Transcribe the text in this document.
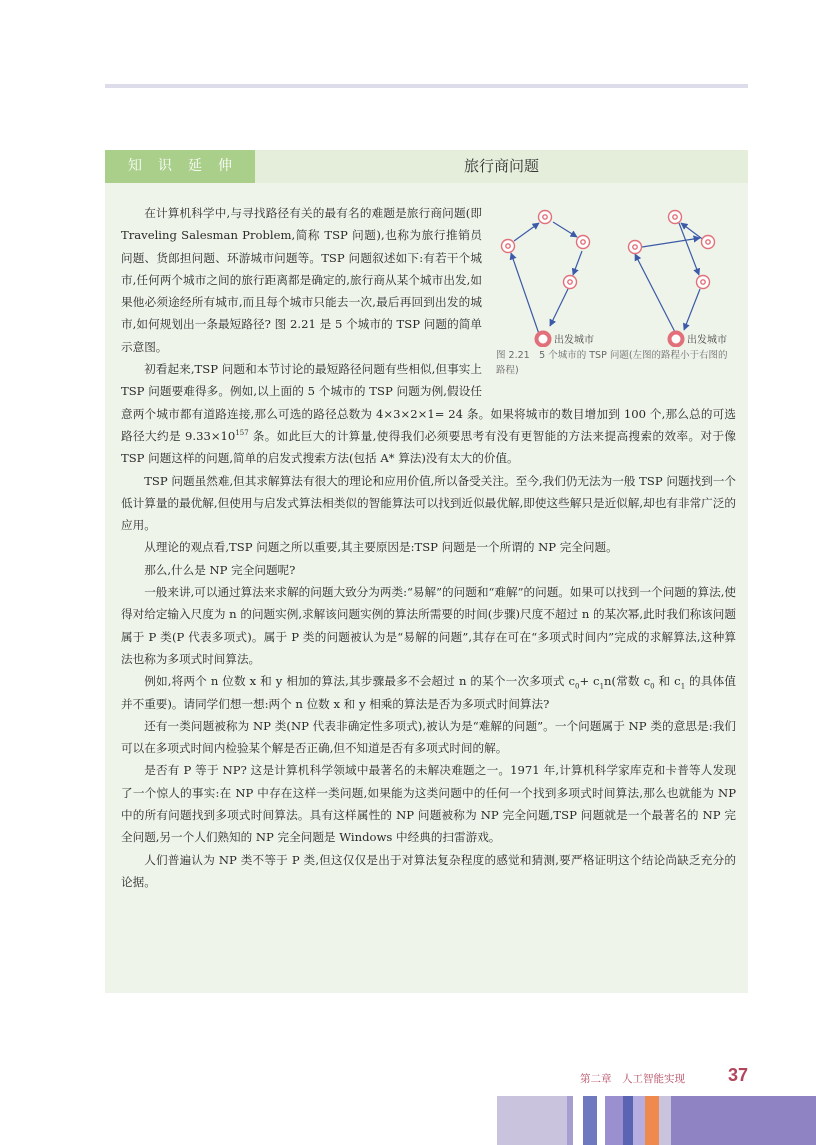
知识延伸	旅行商问题
出发城市	出发城市
图 2.21　5 个城市的 TSP 问题(左图的路程小于右图的路程)

在计算机科学中,与寻找路径有关的最有名的难题是旅行商问题(即 Traveling Salesman Problem,简称 TSP 问题),也称为旅行推销员问题、货郎担问题、环游城市问题等。TSP 问题叙述如下:有若干个城市,任何两个城市之间的旅行距离都是确定的,旅行商从某个城市出发,如果他必须途经所有城市,而且每个城市只能去一次,最后再回到出发的城市,如何规划出一条最短路径? 图 2.21 是 5 个城市的 TSP 问题的简单示意图。

初看起来,TSP 问题和本节讨论的最短路径问题有些相似,但事实上 TSP 问题要难得多。例如,以上面的 5 个城市的 TSP 问题为例,假设任意两个城市都有道路连接,那么可选的路径总数为 4×3×2×1= 24 条。如果将城市的数目增加到 100 个,那么总的可选路径大约是 $9.33\times 10^{157}$ 条。如此巨大的计算量,使得我们必须要思考有没有更智能的方法来提高搜索的效率。对于像 TSP 问题这样的问题,简单的启发式搜索方法(包括 A* 算法)没有太大的价值。

TSP 问题虽然难,但其求解算法有很大的理论和应用价值,所以备受关注。至今,我们仍无法为一般 TSP 问题找到一个低计算量的最优解,但使用与启发式算法相类似的智能算法可以找到近似最优解,即使这些解只是近似解,却也有非常广泛的应用。

从理论的观点看,TSP 问题之所以重要,其主要原因是:TSP 问题是一个所谓的 NP 完全问题。

那么,什么是 NP 完全问题呢?

一般来讲,可以通过算法来求解的问题大致分为两类:“易解”的问题和“难解”的问题。如果可以找到一个问题的算法,使得对给定输入尺度为 n 的问题实例,求解该问题实例的算法所需要的时间(步骤)尺度不超过 n 的某次幂,此时我们称该问题属于 P 类(P 代表多项式)。属于 P 类的问题被认为是“易解的问题”,其存在可在“多项式时间内”完成的求解算法,这种算法也称为多项式时间算法。

例如,将两个 n 位数 x 和 y 相加的算法,其步骤最多不会超过 n 的某个一次多项式 $c_0+ c_1n$(常数 $c_0$ 和 $c_1$ 的具体值并不重要)。请同学们想一想:两个 n 位数 x 和 y 相乘的算法是否为多项式时间算法?

还有一类问题被称为 NP 类(NP 代表非确定性多项式),被认为是“难解的问题”。一个问题属于 NP 类的意思是:我们可以在多项式时间内检验某个解是否正确,但不知道是否有多项式时间的解。

是否有 P 等于 NP? 这是计算机科学领域中最著名的未解决难题之一。1971 年,计算机科学家库克和卡普等人发现了一个惊人的事实:在 NP 中存在这样一类问题,如果能为这类问题中的任何一个找到多项式时间算法,那么也就能为 NP 中的所有问题找到多项式时间算法。具有这样属性的 NP 问题被称为 NP 完全问题,TSP 问题就是一个最著名的 NP 完全问题,另一个人们熟知的 NP 完全问题是 Windows 中经典的扫雷游戏。

人们普遍认为 NP 类不等于 P 类,但这仅仅是出于对算法复杂程度的感觉和猜测,要严格证明这个结论尚缺乏充分的论据。

第二章　人工智能实现 37
